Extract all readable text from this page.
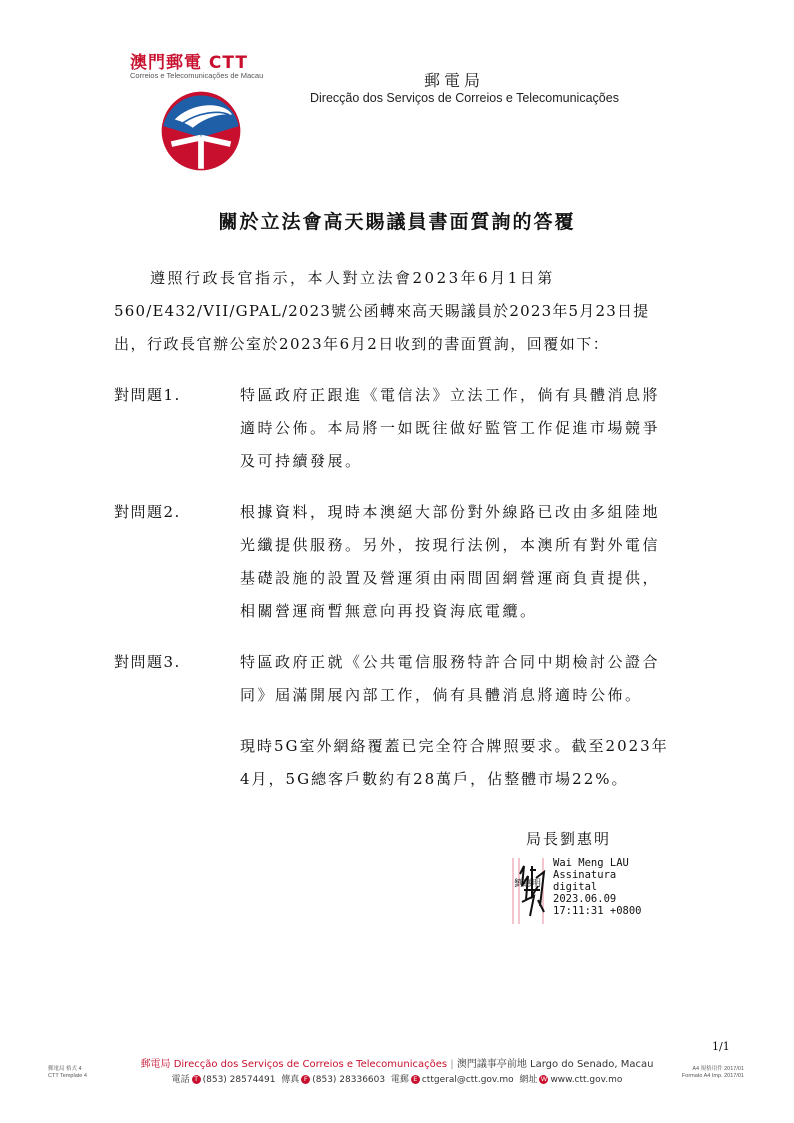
澳門郵電 CTT
Correios e Telecomunicações de Macau	郵電局
Direcção dos Serviços de Correios e Telecomunicações
關於立法會高天賜議員書面質詢的答覆
遵照行政長官指示，本人對立法會2023年6月1日第
560/E432/VII/GPAL/2023號公函轉來高天賜議員於2023年5月23日提
出，行政長官辦公室於2023年6月2日收到的書面質詢，回覆如下：
對問題1.	特區政府正跟進《電信法》立法工作，倘有具體消息將
適時公佈。本局將一如既往做好監管工作促進市場競爭
及可持續發展。
對問題2.	根據資料，現時本澳絕大部份對外線路已改由多組陸地
光纖提供服務。另外，按現行法例，本澳所有對外電信
基礎設施的設置及營運須由兩間固網營運商負責提供，
相關營運商暫無意向再投資海底電纜。
對問題3.	特區政府正就《公共電信服務特許合同中期檢討公證合
同》屆滿開展內部工作，倘有具體消息將適時公佈。
現時5G室外網絡覆蓋已完全符合牌照要求。截至2023年
4月，5G總客戶數約有28萬戶，佔整體市場22%。
局長劉惠明
劉惠明
Wai Meng LAU
Assinatura
digital
2023.06.09
17:11:31 +0800
1/1
郵電局 格式 4
CTT Template 4
A4 規格用件 2017/01
Formato A4 Imp. 2017/01
郵電局 Direcção dos Serviços de Correios e Telecomunicações | 澳門議事亭前地 Largo do Senado, Macau
電話 T (853) 28574491 傳真 F (853) 28336603 電郵 E cttgeral@ctt.gov.mo 網址 W www.ctt.gov.mo
